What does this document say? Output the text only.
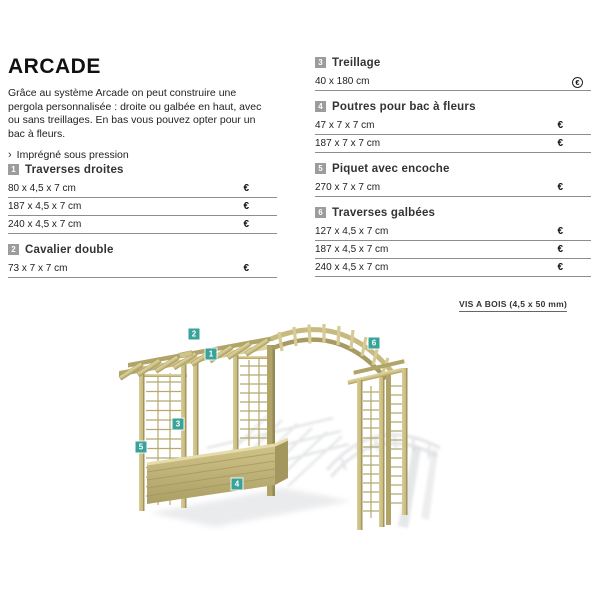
ARCADE
Grâce au système Arcade on peut construire une pergola personnalisée : droite ou galbée en haut, avec ou sans treillages. En bas vous pouvez opter pour un bac à fleurs.
› Imprégné sous pression
1 Traverses droites
80 x 4,5 x 7 cm	€
187 x 4,5 x 7 cm	€
240 x 4,5 x 7 cm	€
2 Cavalier double
73 x 7 x 7 cm	€
3 Treillage
40 x 180 cm	€
4 Poutres pour bac à fleurs
47 x 7 x 7 cm	€
187 x 7 x 7 cm	€
5 Piquet avec encoche
270 x 7 x 7 cm	€
6 Traverses galbées
127 x 4,5 x 7 cm	€
187 x 4,5 x 7 cm	€
240 x 4,5 x 7 cm	€
VIS A BOIS (4,5 x 50 mm)
1
2
3
4
5
6
